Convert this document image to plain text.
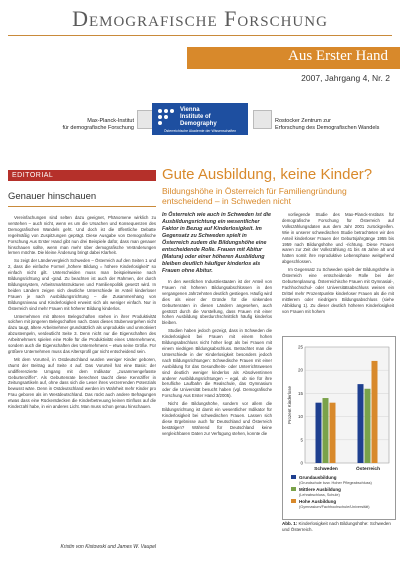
Demografische Forschung
Aus Erster Hand
2007, Jahrgang 4, Nr. 2
Max-Planck-Institut
für demografische Forschung
Vienna
Institute of
Demography
Österreichische Akademie der Wissenschaften
Rostocker Zentrum zur
Erforschung des Demografischen Wandels
EDITORIAL
Genauer hinschauen

Vereinfachungen sind selten dazu geeignet, Phänomene wirklich zu verstehen – auch nicht, wenn es um die Ursachen und Konsequenzen des Demografischen Wandels geht. Und doch ist die öffentliche Debatte regelmäßig von Zuspitzungen geprägt. Diese Ausgabe von Demografische Forschung Aus Erster Hand gibt nun drei Beispiele dafür, dass man genauer hinschauen sollte, wenn man mehr über demografische Veränderungen lernen möchte. Die kleine Änderung bringt dabei Klarheit.

So zeigt der Ländervergleich Schweden – Österreich auf den Seiten 1 und 2, dass die einfache Formel „höhere Bildung = höhere Kinderlosigkeit“ so einfach nicht gilt. Unterscheiden muss man beispielsweise nach Bildungsrichtung und -grad. Zu beachten ist auch der Rahmen, der durch Bildungssystem, Arbeitsmarktstrukturen und Familienpolitik gesetzt wird. In beiden Ländern zeigen sich deutliche Unterschiede im Anteil kinderloser Frauen je nach Ausbildungsrichtung – die Zusammenhang von Bildungsniveau und Kinderlosigkeit erweist sich als weniger einfach. Nur in Österreich sind mehr Frauen mit höherer Bildung kinderlos.

Unternehmen mit älteren Belegschaften stehen in ihrer Produktivität solchen mit jüngeren Belegschaften nach. Dass dieses Stubenvorgehen nicht dazu taugt, ältere Arbeitnehmer grundsätzlich als unproduktiv und unmotiviert abzustempeln, verdeutlicht Seite 3. Denn nicht nur die Eigenschaften des Arbeitnehmers spielen eine Rolle für die Produktivität eines Unternehmens, sondern auch die Eigenschaften des Unternehmens – etwa seine Größe. Für größere Unternehmen muss das Altersprofil gar nicht entscheidend sein.

Mit dem Vorurteil, in Ostdeutschland wurden weniger Kinder geboren, räumt der Beitrag auf Seite 4 auf. Das Vorurteil hat eine Basis: der undifferenzierte Umgang mit dem Indikator „zusammengefasste Geburtenziffer“. Als Geburtenrate berechnet taucht diese Kennziffer in Zeitungsartikeln auf, ohne dass sich die Leser ihres verzerrenden Potenzials bewusst wäre. Denn in Ostdeutschland werden im Wahrheit mehr Kinder pro Frau geboren als im Westdeutschland. Das rückt auch andere Befragungen etwas dass eine Rückentdecken die Kinderbetreuung keinen Einfluss auf die Kinderzahl habe, in ein anderes Licht. Man muss schon genau hinschauen.

Kristin von Kistowski und James W. Vaupel
Gute Ausbildung, keine Kinder?
Bildungshöhe in Österreich für Familiengründung entscheidend – in Schweden nicht
In Österreich wie auch in Schweden ist die Ausbildungsrichtung ein wesentlicher Faktor in Bezug auf Kinderlosigkeit. Im Gegensatz zu Schweden spielt in Österreich zudem die Bildungshöhe eine entscheidende Rolle. Frauen mit Abitur (Matura) oder einer höheren Ausbildung bleiben deutlich häufiger kinderlos als Frauen ohne Abitur.

In den westlichen Industriestaaten ist der Anteil von Frauen mit höheren Bildungsabschlüssen in den vergangenen Jahrzehnten deutlich gestiegen. Häufig wird dies als einer der Gründe für die sinkenden Geburtenraten in diesen Ländern angesehen, auch gestützt durch die Vorstellung, dass Frauen mit einer hohen Ausbildung überdurchschnittlich häufig kinderlos bleiben.

Studien haben jedoch gezeigt, dass in Schweden die Kinderlosigkeit bei Frauen mit einem hohen Bildungsabschluss nicht höher liegt als bei Frauen mit einem niedrigen Bildungsabschluss. Betrachtet man die Unterschiede in der Kinderlosigkeit besonders jedoch nach Bildungsrichtungen: Schwedische Frauen mit einer Ausbildung für das Gesundheits- oder Unterrichtswesen sind deutlich weniger kinderlos als Absolventinnen anderer Ausbildungsrichtungen – egal, ob sie für ihre berufliche Laufbahn die Realschule, das Gymnasium oder die Universität besucht haben (vgl. Demografische Forschung Aus Erster Hand 3/2005).

Nicht die Bildungshöhe, sondern vor allem die Bildungsrichtung ist damit ein wesentlicher Indikator für Kinderlosigkeit bei schwedischen Frauen. Lassen sich diese Ergebnisse auch für Deutschland und Österreich bestätigen? Während für Deutschland keine vergleichbaren Daten zur Verfügung stehen, konnte die

vorliegende Studie des Max-Planck-Instituts für demografische Forschung für Österreich auf Volkszählungsdaten aus dem Jahr 2001 zurückgreifen. Wie in unserer schwedischen Studie betrachteten wir den Anteil kinderloser Frauen der Geburtsjahrgänge 1955 bis 1959 nach Bildungshöhe und -richtung. Diese Frauen waren zur Zeit der Volkszählung 41 bis 46 Jahre alt und hatten somit ihre reproduktive Lebensphase weitgehend abgeschlossen.

Im Gegensatz zu Schweden spielt der Bildungshöhe in Österreich eine entscheidende Rolle bei der Geburtenplanung. Österreichische Frauen mit Gymnasial-, Fachhochschul- oder Universitätsabschluss weisen ein Drittel mehr Prozentpunkte kinderloser Frauen als die mit mittlerem oder niedrigem Bildungsabschluss (siehe Abbildung 1). Zu dieser deutlich höheren Kinderlosigkeit von Frauen mit hohem

0
5
10
15
20
25
Prozent Kinderlose
Schweden	Österreich
Grundausbildung
(Grundschule bzw. Hoher Pflegeabschluss)
Mittlere Ausbildung
(Lehrabschluss, Schule)
Hohe Ausbildung
(Gymnasium/Fachhochschule/Universität)
Abb. 1: Kinderlosigkeit nach Bildungshöhe: Schweden und Österreich.
